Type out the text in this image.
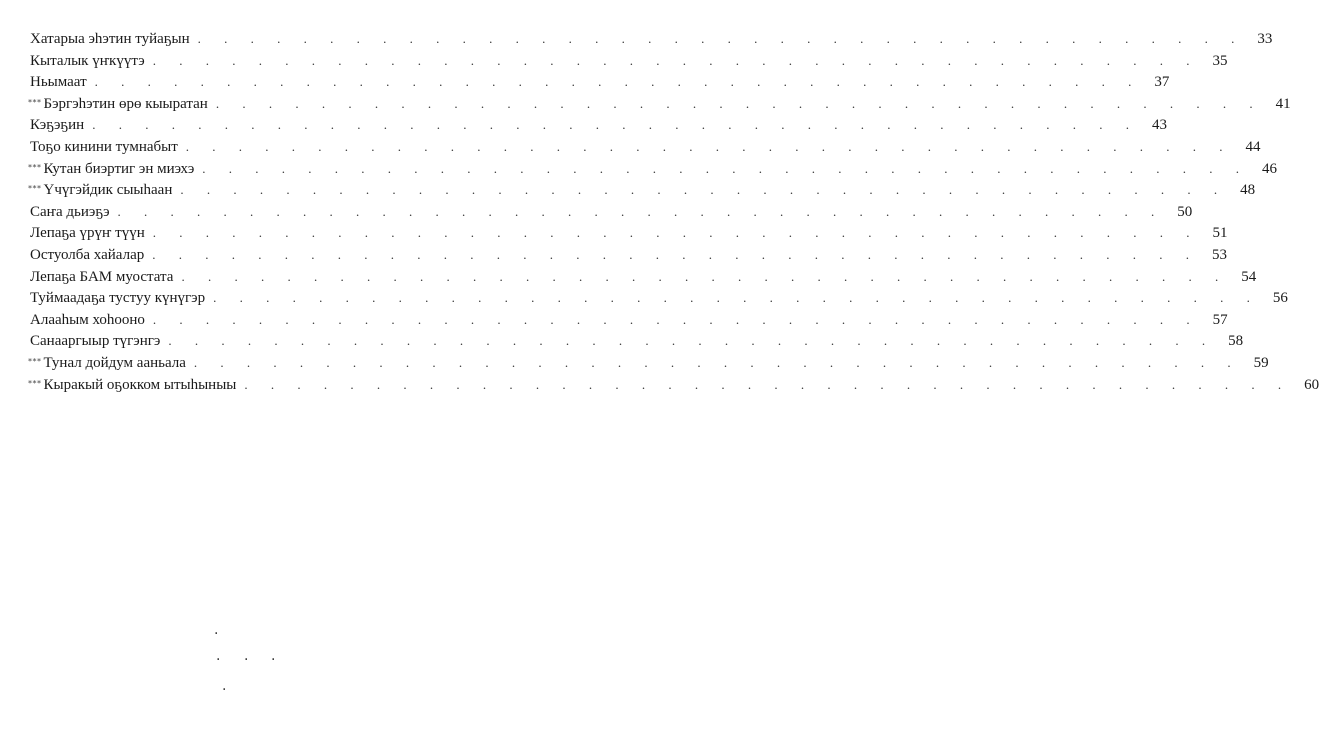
Хатарыа эһэтин туйаҕын . . . . . . . . . . . . . . . . . . . . . . . . . . . . . . . . . . . . . . . . 33
Кыталык үҥкүүтэ . . . . . . . . . . . . . . . . . . . . . . . . . . . . . . . . . . . . . . . . 35
Ньымаат . . . . . . . . . . . . . . . . . . . . . . . . . . . . . . . . . . . . . . . . 37
*** Бэргэһэтин өрө кыыратан . . . . . . . . . . . . . . . . . . . . . . . . . . . . . . . . . . . . . . . . 41
Кэҕэҕин . . . . . . . . . . . . . . . . . . . . . . . . . . . . . . . . . . . . . . . . 43
Тоҕо кинини тумнабыт . . . . . . . . . . . . . . . . . . . . . . . . . . . . . . . . . . . . . . . . 44
*** Кутан биэртиг эн миэхэ . . . . . . . . . . . . . . . . . . . . . . . . . . . . . . . . . . . . . . . . 46
*** Үчүгэйдик сыыһаан . . . . . . . . . . . . . . . . . . . . . . . . . . . . . . . . . . . . . . . . 48
Саҥа дьиэҕэ . . . . . . . . . . . . . . . . . . . . . . . . . . . . . . . . . . . . . . . . 50
Лепаҕа үрүҥ түүн . . . . . . . . . . . . . . . . . . . . . . . . . . . . . . . . . . . . . . . . 51
Остуолба хайалар . . . . . . . . . . . . . . . . . . . . . . . . . . . . . . . . . . . . . . . . 53
Лепаҕа БАМ муостата . . . . . . . . . . . . . . . . . . . . . . . . . . . . . . . . . . . . . . . . 54
Туймаадаҕа тустуу күнүгэр . . . . . . . . . . . . . . . . . . . . . . . . . . . . . . . . . . . . . . . . 56
Алааһым хоһооно . . . . . . . . . . . . . . . . . . . . . . . . . . . . . . . . . . . . . . . . 57
Санааргыыр түгэнгэ . . . . . . . . . . . . . . . . . . . . . . . . . . . . . . . . . . . . . . . . 58
*** Тунал дойдум ааньала . . . . . . . . . . . . . . . . . . . . . . . . . . . . . . . . . . . . . . . . 59
*** Кыракый оҕокком ытыһыныы . . . . . . . . . . . . . . . . . . . . . . . . . . . . . . . . . . . . . . . . 60
·
· · ·
·
